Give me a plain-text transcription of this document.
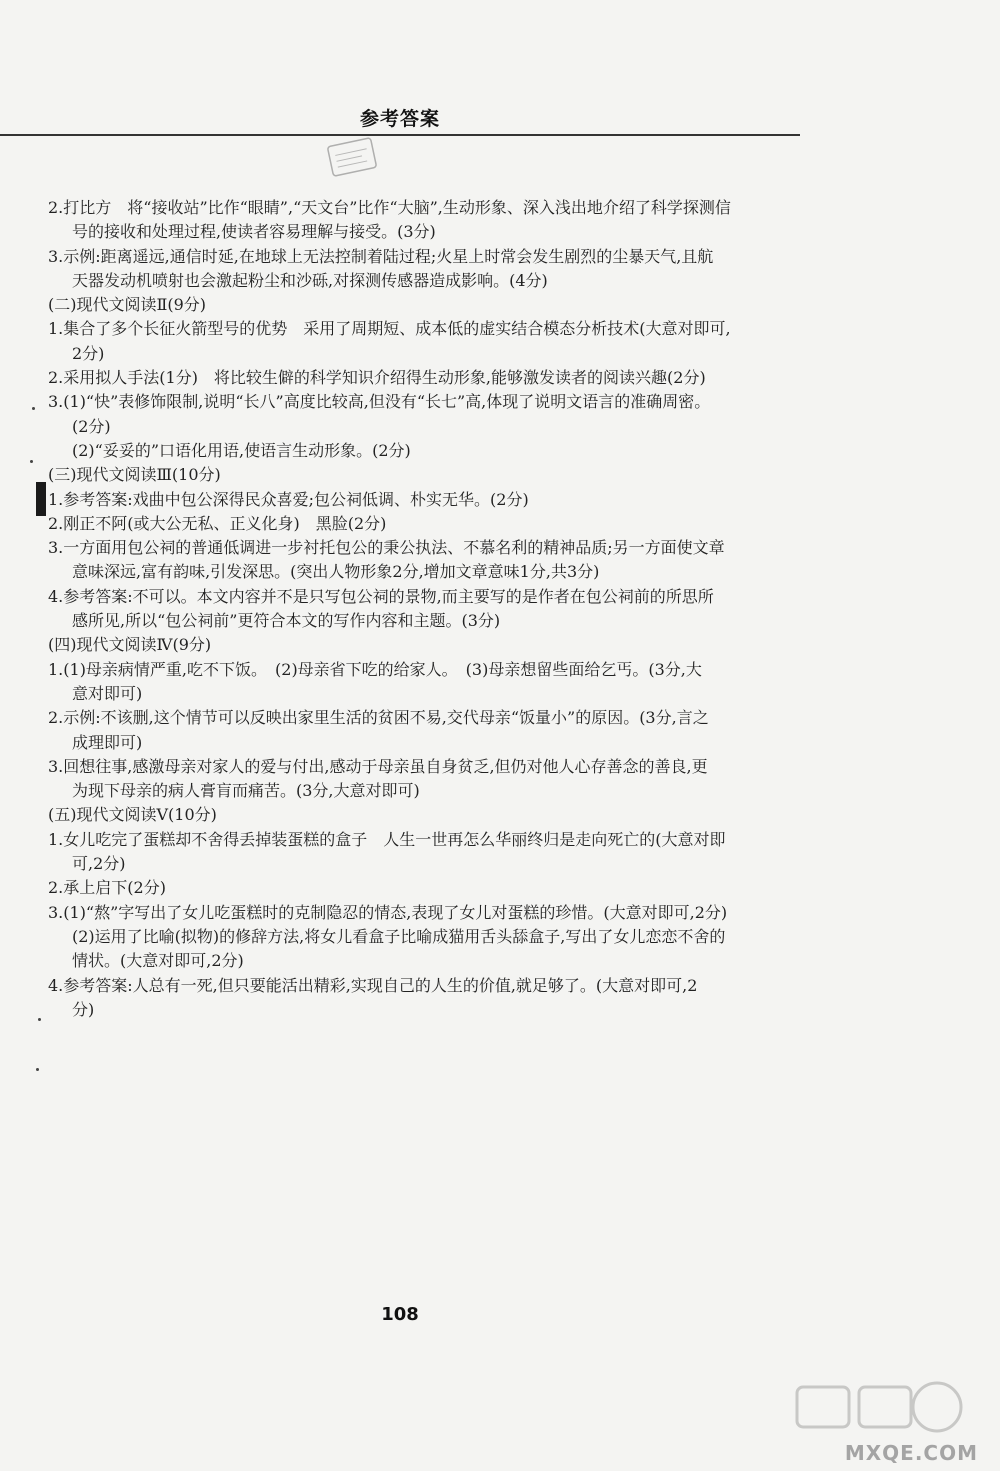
参考答案
2.打比方　将“接收站”比作“眼睛”,“天文台”比作“大脑”,生动形象、深入浅出地介绍了科学探测信
号的接收和处理过程,使读者容易理解与接受。(3分)
3.示例:距离遥远,通信时延,在地球上无法控制着陆过程;火星上时常会发生剧烈的尘暴天气,且航
天器发动机喷射也会激起粉尘和沙砾,对探测传感器造成影响。(4分)
(二)现代文阅读Ⅱ(9分)
1.集合了多个长征火箭型号的优势　采用了周期短、成本低的虚实结合模态分析技术(大意对即可,
2分)
2.采用拟人手法(1分)　将比较生僻的科学知识介绍得生动形象,能够激发读者的阅读兴趣(2分)
3.(1)“快”表修饰限制,说明“长八”高度比较高,但没有“长七”高,体现了说明文语言的准确周密。
(2分)
(2)“妥妥的”口语化用语,使语言生动形象。(2分)
(三)现代文阅读Ⅲ(10分)
1.参考答案:戏曲中包公深得民众喜爱;包公祠低调、朴实无华。(2分)
2.刚正不阿(或大公无私、正义化身)　黑脸(2分)
3.一方面用包公祠的普通低调进一步衬托包公的秉公执法、不慕名利的精神品质;另一方面使文章
意味深远,富有韵味,引发深思。(突出人物形象2分,增加文章意味1分,共3分)
4.参考答案:不可以。本文内容并不是只写包公祠的景物,而主要写的是作者在包公祠前的所思所
感所见,所以“包公祠前”更符合本文的写作内容和主题。(3分)
(四)现代文阅读Ⅳ(9分)
1.(1)母亲病情严重,吃不下饭。　(2)母亲省下吃的给家人。　(3)母亲想留些面给乞丐。(3分,大
意对即可)
2.示例:不该删,这个情节可以反映出家里生活的贫困不易,交代母亲“饭量小”的原因。(3分,言之
成理即可)
3.回想往事,感激母亲对家人的爱与付出,感动于母亲虽自身贫乏,但仍对他人心存善念的善良,更
为现下母亲的病人膏肓而痛苦。(3分,大意对即可)
(五)现代文阅读Ⅴ(10分)
1.女儿吃完了蛋糕却不舍得丢掉装蛋糕的盒子　人生一世再怎么华丽终归是走向死亡的(大意对即
可,2分)
2.承上启下(2分)
3.(1)“熬”字写出了女儿吃蛋糕时的克制隐忍的情态,表现了女儿对蛋糕的珍惜。(大意对即可,2分)
(2)运用了比喻(拟物)的修辞方法,将女儿看盒子比喻成猫用舌头舔盒子,写出了女儿恋恋不舍的
情状。(大意对即可,2分)
4.参考答案:人总有一死,但只要能活出精彩,实现自己的人生的价值,就足够了。(大意对即可,2
分)
108
MXQE.COM
